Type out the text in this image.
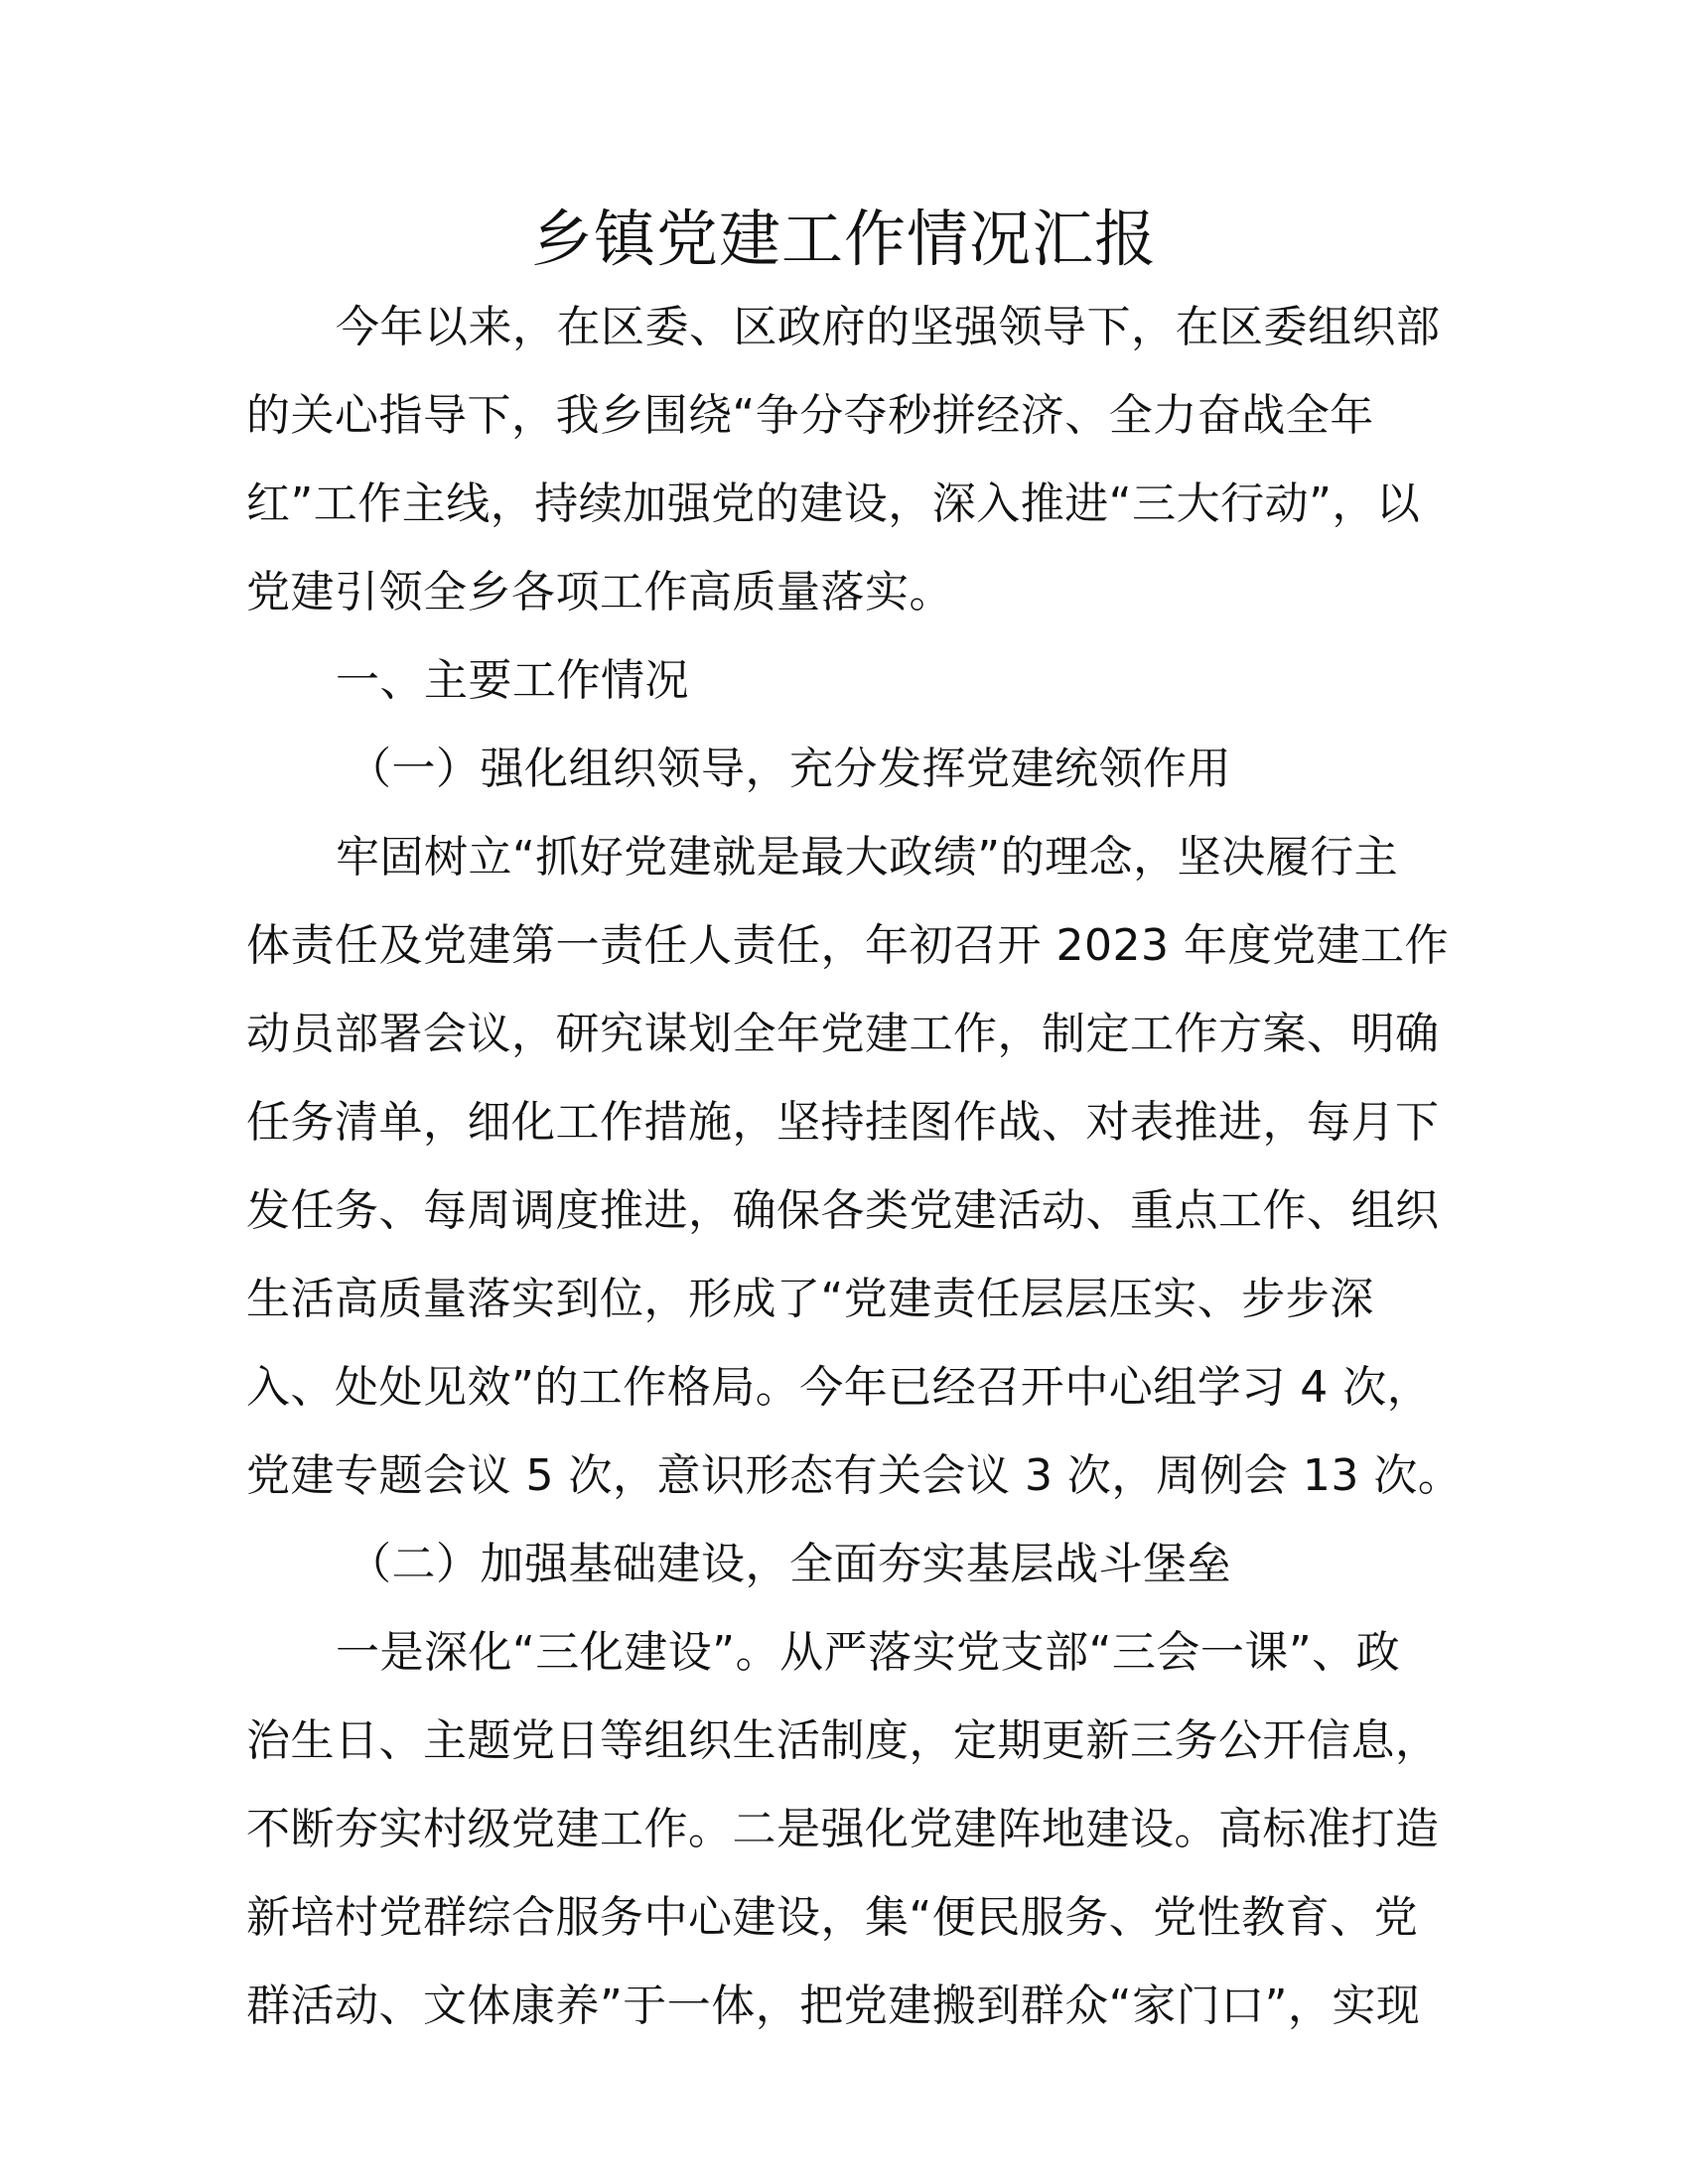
乡镇党建工作情况汇报

今年以来，在区委、区政府的坚强领导下，在区委组织部

的关心指导下，我乡围绕“争分夺秒拼经济、全力奋战全年

红”工作主线，持续加强党的建设，深入推进“三大行动”，以

党建引领全乡各项工作高质量落实。

一、主要工作情况

（一）强化组织领导，充分发挥党建统领作用

牢固树立“抓好党建就是最大政绩”的理念，坚决履行主

体责任及党建第一责任人责任，年初召开 2023 年度党建工作

动员部署会议，研究谋划全年党建工作，制定工作方案、明确

任务清单，细化工作措施，坚持挂图作战、对表推进，每月下

发任务、每周调度推进，确保各类党建活动、重点工作、组织

生活高质量落实到位，形成了“党建责任层层压实、步步深

入、处处见效”的工作格局。今年已经召开中心组学习 4 次，

党建专题会议 5 次，意识形态有关会议 3 次，周例会 13 次。

（二）加强基础建设，全面夯实基层战斗堡垒

一是深化“三化建设”。从严落实党支部“三会一课”、政

治生日、主题党日等组织生活制度，定期更新三务公开信息，

不断夯实村级党建工作。二是强化党建阵地建设。高标准打造

新培村党群综合服务中心建设，集“便民服务、党性教育、党

群活动、文体康养”于一体，把党建搬到群众“家门口”，实现
